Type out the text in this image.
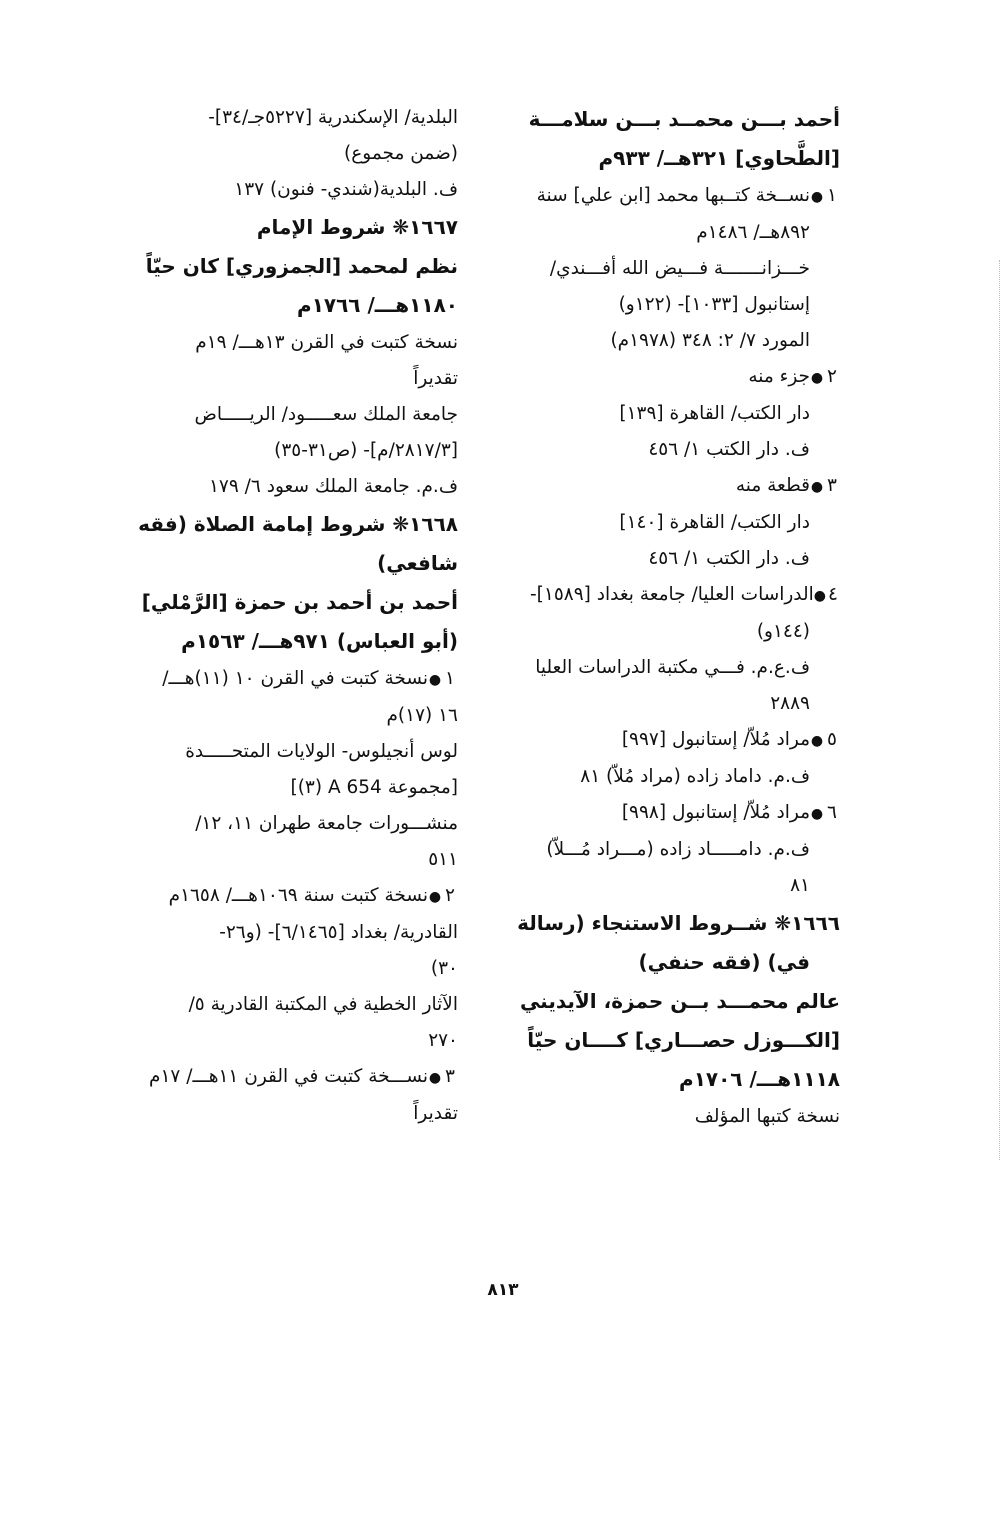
أحمد بـــن محمــد بـــن سلامـــة
[الطَّحاوي] ٣٢١هــ/ ٩٣٣م
١
●
نســخة كتــبها محمد [ابن علي] سنة
٨٩٢هــ/ ١٤٨٦م
خـــزانـــــــة فـــيض الله أفـــندي/
إستانبول [١٠٣٣]- (١٢٢و)
المورد ٧/ ٢: ٣٤٨ (١٩٧٨م)
٢
●
جزء منه
دار الكتب/ القاهرة [١٣٩]
ف. دار الكتب ١/ ٤٥٦
٣
●
قطعة منه
دار الكتب/ القاهرة [١٤٠]
ف. دار الكتب ١/ ٤٥٦
٤
●
الدراسات العليا/ جامعة بغداد [١٥٨٩]-
(١٤٤و)
ف.ع.م. فـــي مكتبة الدراسات العليا
٢٨٨٩
٥
●
مراد مُلاّ/ إستانبول [٩٩٧]
ف.م. داماد زاده (مراد مُلاّ) ٨١
٦
●
مراد مُلاّ/ إستانبول [٩٩٨]
ف.م. دامـــــاد زاده (مـــراد مُـــلاّ)
٨١
١٦٦٦❋ شــروط الاستنجاء (رسالة
في) (فقه حنفي)
عالم محمـــد بــن حمزة، الآيديني
[الكـــوزل حصـــاري] كــــان حيّاً
١١١٨هـــ/ ١٧٠٦م
نسخة كتبها المؤلف
البلدية/ الإسكندرية [٥٢٢٧جـ/٣٤]-
(ضمن مجموع)
ف. البلدية(شندي- فنون) ١٣٧
١٦٦٧❋ شروط الإمام
نظم لمحمد [الجمزوري] كان حيّاً
١١٨٠هـــ/ ١٧٦٦م
نسخة كتبت في القرن ١٣هـــ/ ١٩م
تقديراً
جامعة الملك سعـــــود/ الريـــــاض
[٢٨١٧/٣/م]- (ص٣١-٣٥)
ف.م. جامعة الملك سعود ٦/ ١٧٩
١٦٦٨❋ شروط إمامة الصلاة (فقه
شافعي)
أحمد بن أحمد بن حمزة [الرَّمْلي]
(أبو العباس) ٩٧١هـــ/ ١٥٦٣م
١
●
نسخة كتبت في القرن ١٠ (١١)هـــ/
١٦ (١٧)م
لوس أنجيلوس- الولايات المتحـــــدة
[مجموعة A 654 (٣)]
منشـــورات جامعة طهران ١١، ١٢/
٥١١
٢
●
نسخة كتبت سنة ١٠٦٩هـــ/ ١٦٥٨م
القادرية/ بغداد [٦/١٤٦٥]- (و٢٦-
٣٠)
الآثار الخطية في المكتبة القادرية ٥/
٢٧٠
٣
●
نســـخة كتبت في القرن ١١هـــ/ ١٧م
تقديراً
٨١٣
